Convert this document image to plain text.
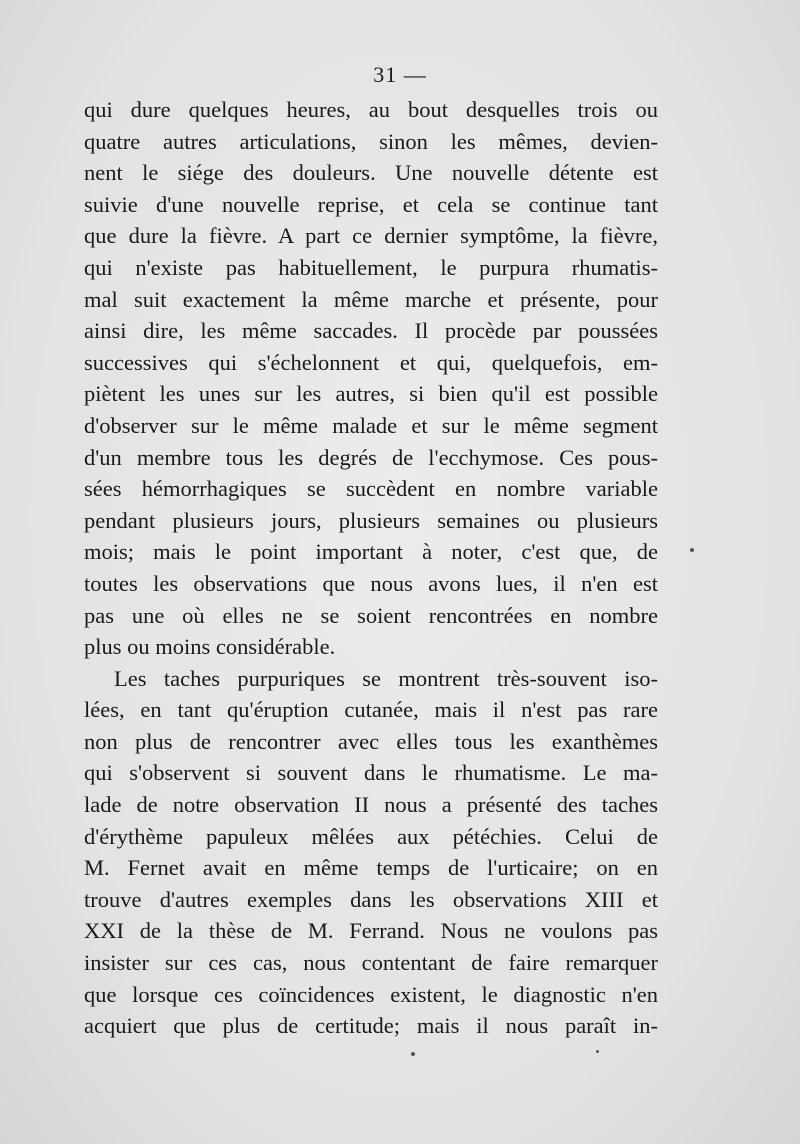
31 —
qui dure quelques heures, au bout desquelles trois ou
quatre autres articulations, sinon les mêmes, devien-
nent le siége des douleurs. Une nouvelle détente est
suivie d'une nouvelle reprise, et cela se continue tant
que dure la fièvre. A part ce dernier symptôme, la fièvre,
qui n'existe pas habituellement, le purpura rhumatis-
mal suit exactement la même marche et présente, pour
ainsi dire, les même saccades. Il procède par poussées
successives qui s'échelonnent et qui, quelquefois, em-
piètent les unes sur les autres, si bien qu'il est possible
d'observer sur le même malade et sur le même segment
d'un membre tous les degrés de l'ecchymose. Ces pous-
sées hémorrhagiques se succèdent en nombre variable
pendant plusieurs jours, plusieurs semaines ou plusieurs
mois; mais le point important à noter, c'est que, de
toutes les observations que nous avons lues, il n'en est
pas une où elles ne se soient rencontrées en nombre
plus ou moins considérable.
Les taches purpuriques se montrent très-souvent iso-
lées, en tant qu'éruption cutanée, mais il n'est pas rare
non plus de rencontrer avec elles tous les exanthèmes
qui s'observent si souvent dans le rhumatisme. Le ma-
lade de notre observation II nous a présenté des taches
d'érythème papuleux mêlées aux pétéchies. Celui de
M. Fernet avait en même temps de l'urticaire; on en
trouve d'autres exemples dans les observations XIII et
XXI de la thèse de M. Ferrand. Nous ne voulons pas
insister sur ces cas, nous contentant de faire remarquer
que lorsque ces coïncidences existent, le diagnostic n'en
acquiert que plus de certitude; mais il nous paraît in-
